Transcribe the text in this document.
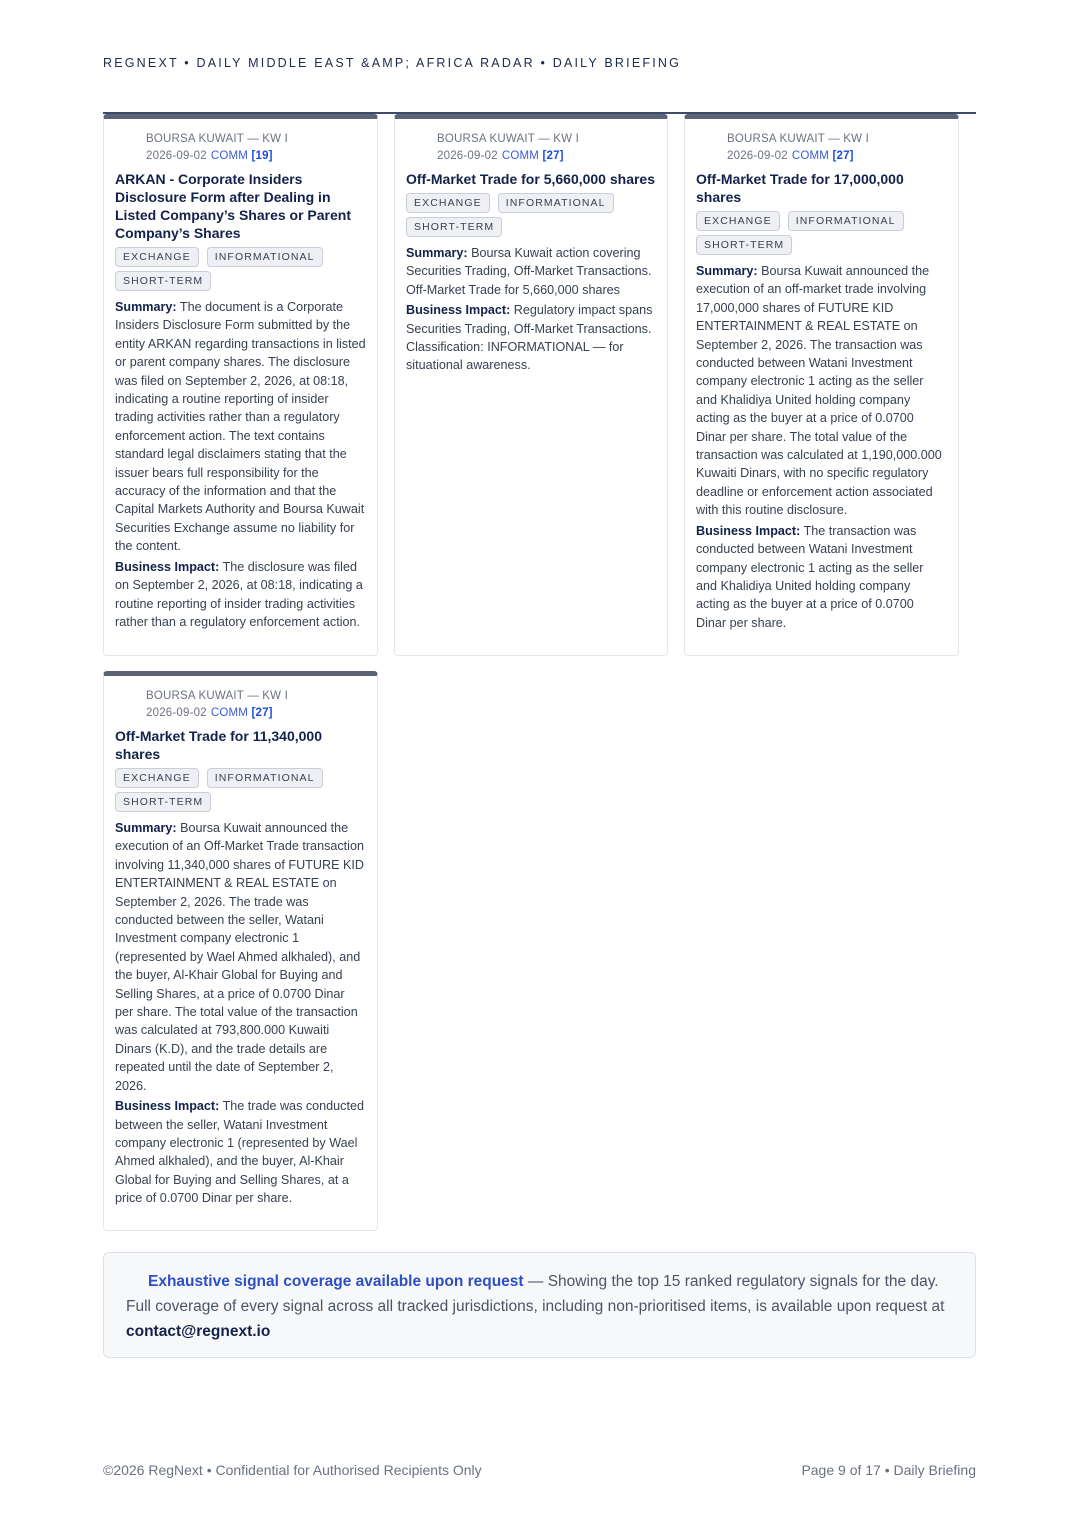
REGNEXT • DAILY MIDDLE EAST &AMP; AFRICA RADAR • DAILY BRIEFING
BOURSA KUWAIT — KW I
2026-09-02 COMM [19]
ARKAN - Corporate Insiders Disclosure Form after Dealing in Listed Company’s Shares or Parent Company’s Shares
EXCHANGE	INFORMATIONAL
SHORT-TERM
Summary: The document is a Corporate Insiders Disclosure Form submitted by the entity ARKAN regarding transactions in listed or parent company shares. The disclosure was filed on September 2, 2026, at 08:18, indicating a routine reporting of insider trading activities rather than a regulatory enforcement action. The text contains standard legal disclaimers stating that the issuer bears full responsibility for the accuracy of the information and that the Capital Markets Authority and Boursa Kuwait Securities Exchange assume no liability for the content.
Business Impact: The disclosure was filed on September 2, 2026, at 08:18, indicating a routine reporting of insider trading activities rather than a regulatory enforcement action.
BOURSA KUWAIT — KW I
2026-09-02 COMM [27]
Off-Market Trade for 5,660,000 shares
EXCHANGE	INFORMATIONAL
SHORT-TERM
Summary: Boursa Kuwait action covering Securities Trading, Off-Market Transactions. Off-Market Trade for 5,660,000 shares
Business Impact: Regulatory impact spans Securities Trading, Off-Market Transactions. Classification: INFORMATIONAL — for situational awareness.
BOURSA KUWAIT — KW I
2026-09-02 COMM [27]
Off-Market Trade for 17,000,000 shares
EXCHANGE	INFORMATIONAL
SHORT-TERM
Summary: Boursa Kuwait announced the execution of an off-market trade involving 17,000,000 shares of FUTURE KID ENTERTAINMENT & REAL ESTATE on September 2, 2026. The transaction was conducted between Watani Investment company electronic 1 acting as the seller and Khalidiya United holding company acting as the buyer at a price of 0.0700 Dinar per share. The total value of the transaction was calculated at 1,190,000.000 Kuwaiti Dinars, with no specific regulatory deadline or enforcement action associated with this routine disclosure.
Business Impact: The transaction was conducted between Watani Investment company electronic 1 acting as the seller and Khalidiya United holding company acting as the buyer at a price of 0.0700 Dinar per share.
BOURSA KUWAIT — KW I
2026-09-02 COMM [27]
Off-Market Trade for 11,340,000 shares
EXCHANGE	INFORMATIONAL
SHORT-TERM
Summary: Boursa Kuwait announced the execution of an Off-Market Trade transaction involving 11,340,000 shares of FUTURE KID ENTERTAINMENT & REAL ESTATE on September 2, 2026. The trade was conducted between the seller, Watani Investment company electronic 1 (represented by Wael Ahmed alkhaled), and the buyer, Al-Khair Global for Buying and Selling Shares, at a price of 0.0700 Dinar per share. The total value of the transaction was calculated at 793,800.000 Kuwaiti Dinars (K.D), and the trade details are repeated until the date of September 2, 2026.
Business Impact: The trade was conducted between the seller, Watani Investment company electronic 1 (represented by Wael Ahmed alkhaled), and the buyer, Al-Khair Global for Buying and Selling Shares, at a price of 0.0700 Dinar per share.
Exhaustive signal coverage available upon request — Showing the top 15 ranked regulatory signals for the day. Full coverage of every signal across all tracked jurisdictions, including non-prioritised items, is available upon request at contact@regnext.io
©2026 RegNext • Confidential for Authorised Recipients Only	Page 9 of 17 • Daily Briefing
